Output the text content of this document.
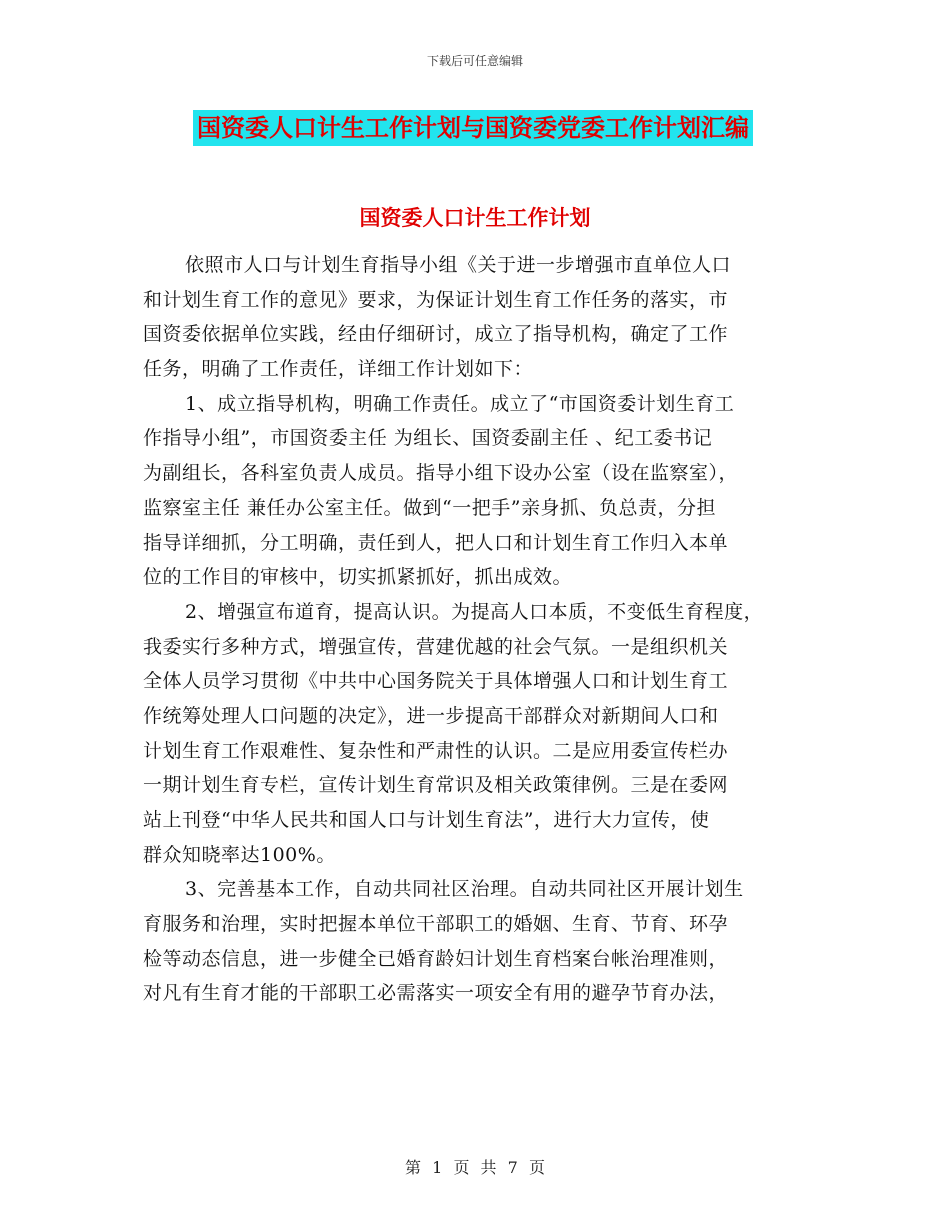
下载后可任意编辑
国资委人口计生工作计划与国资委党委工作计划汇编
国资委人口计生工作计划
依照市人口与计划生育指导小组《关于进一步增强市直单位人口
和计划生育工作的意见》要求，为保证计划生育工作任务的落实，市
国资委依据单位实践，经由仔细研讨，成立了指导机构，确定了工作
任务，明确了工作责任，详细工作计划如下：
1、成立指导机构，明确工作责任。成立了“市国资委计划生育工
作指导小组”，市国资委主任 为组长、国资委副主任 、纪工委书记
为副组长，各科室负责人成员。指导小组下设办公室（设在监察室），
监察室主任 兼任办公室主任。做到“一把手”亲身抓、负总责，分担
指导详细抓，分工明确，责任到人，把人口和计划生育工作归入本单
位的工作目的审核中，切实抓紧抓好，抓出成效。
2、增强宣布道育，提高认识。为提高人口本质，不变低生育程度，
我委实行多种方式，增强宣传，营建优越的社会气氛。一是组织机关
全体人员学习贯彻《中共中心国务院关于具体增强人口和计划生育工
作统筹处理人口问题的决定》，进一步提高干部群众对新期间人口和
计划生育工作艰难性、复杂性和严肃性的认识。二是应用委宣传栏办
一期计划生育专栏，宣传计划生育常识及相关政策律例。三是在委网
站上刊登“中华人民共和国人口与计划生育法”，进行大力宣传，使
群众知晓率达100%。
3、完善基本工作，自动共同社区治理。自动共同社区开展计划生
育服务和治理，实时把握本单位干部职工的婚姻、生育、节育、环孕
检等动态信息，进一步健全已婚育龄妇计划生育档案台帐治理准则，
对凡有生育才能的干部职工必需落实一项安全有用的避孕节育办法，
第 1 页 共 7 页
